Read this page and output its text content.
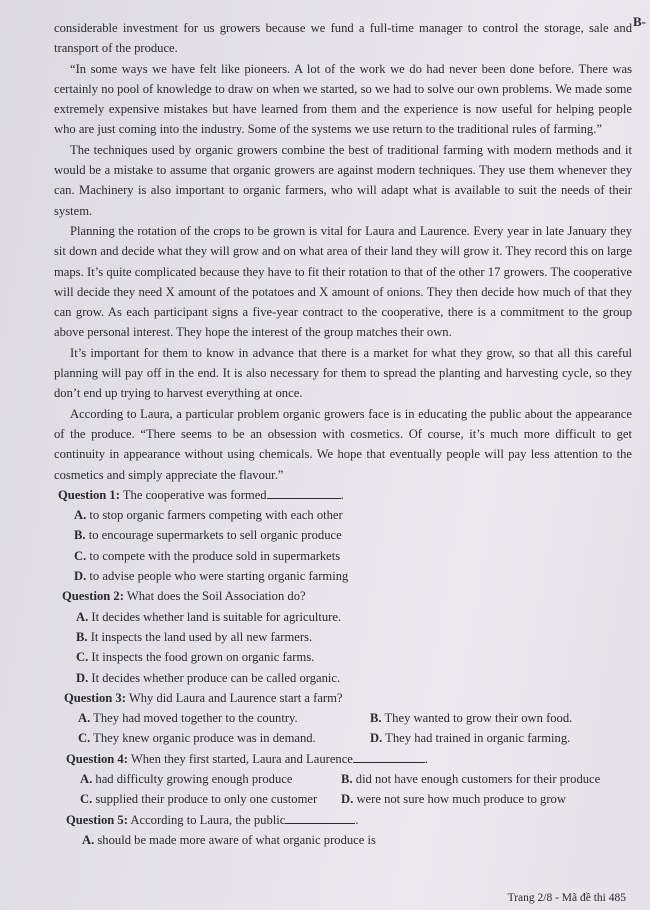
B-

considerable investment for us growers because we fund a full-time manager to control the storage, sale and transport of the produce.

“In some ways we have felt like pioneers. A lot of the work we do had never been done before. There was certainly no pool of knowledge to draw on when we started, so we had to solve our own problems. We made some extremely expensive mistakes but have learned from them and the experience is now useful for helping people who are just coming into the industry. Some of the systems we use return to the traditional rules of farming.”

The techniques used by organic growers combine the best of traditional farming with modern methods and it would be a mistake to assume that organic growers are against modern techniques. They use them whenever they can. Machinery is also important to organic farmers, who will adapt what is available to suit the needs of their system.

Planning the rotation of the crops to be grown is vital for Laura and Laurence. Every year in late January they sit down and decide what they will grow and on what area of their land they will grow it. They record this on large maps. It’s quite complicated because they have to fit their rotation to that of the other 17 growers. The cooperative will decide they need X amount of the potatoes and X amount of onions. They then decide how much of that they can grow. As each participant signs a five-year contract to the cooperative, there is a commitment to the group above personal interest. They hope the interest of the group matches their own.

It’s important for them to know in advance that there is a market for what they grow, so that all this careful planning will pay off in the end. It is also necessary for them to spread the planting and harvesting cycle, so they don’t end up trying to harvest everything at once.

According to Laura, a particular problem organic growers face is in educating the public about the appearance of the produce. “There seems to be an obsession with cosmetics. Of course, it’s much more difficult to get continuity in appearance without using chemicals. We hope that eventually people will pay less attention to the cosmetics and simply appreciate the flavour.”

Question 1: The cooperative was formed	.
A. to stop organic farmers competing with each other
B. to encourage supermarkets to sell organic produce
C. to compete with the produce sold in supermarkets
D. to advise people who were starting organic farming
Question 2: What does the Soil Association do?
A. It decides whether land is suitable for agriculture.
B. It inspects the land used by all new farmers.
C. It inspects the food grown on organic farms.
D. It decides whether produce can be called organic.
Question 3: Why did Laura and Laurence start a farm?
A. They had moved together to the country.	B. They wanted to grow their own food.
C. They knew organic produce was in demand.	D. They had trained in organic farming.
Question 4: When they first started, Laura and Laurence	.
A. had difficulty growing enough produce	B. did not have enough customers for their produce
C. supplied their produce to only one customer	D. were not sure how much produce to grow
Question 5: According to Laura, the public	.
A. should be made more aware of what organic produce is
Trang 2/8 - Mã đề thi 485
